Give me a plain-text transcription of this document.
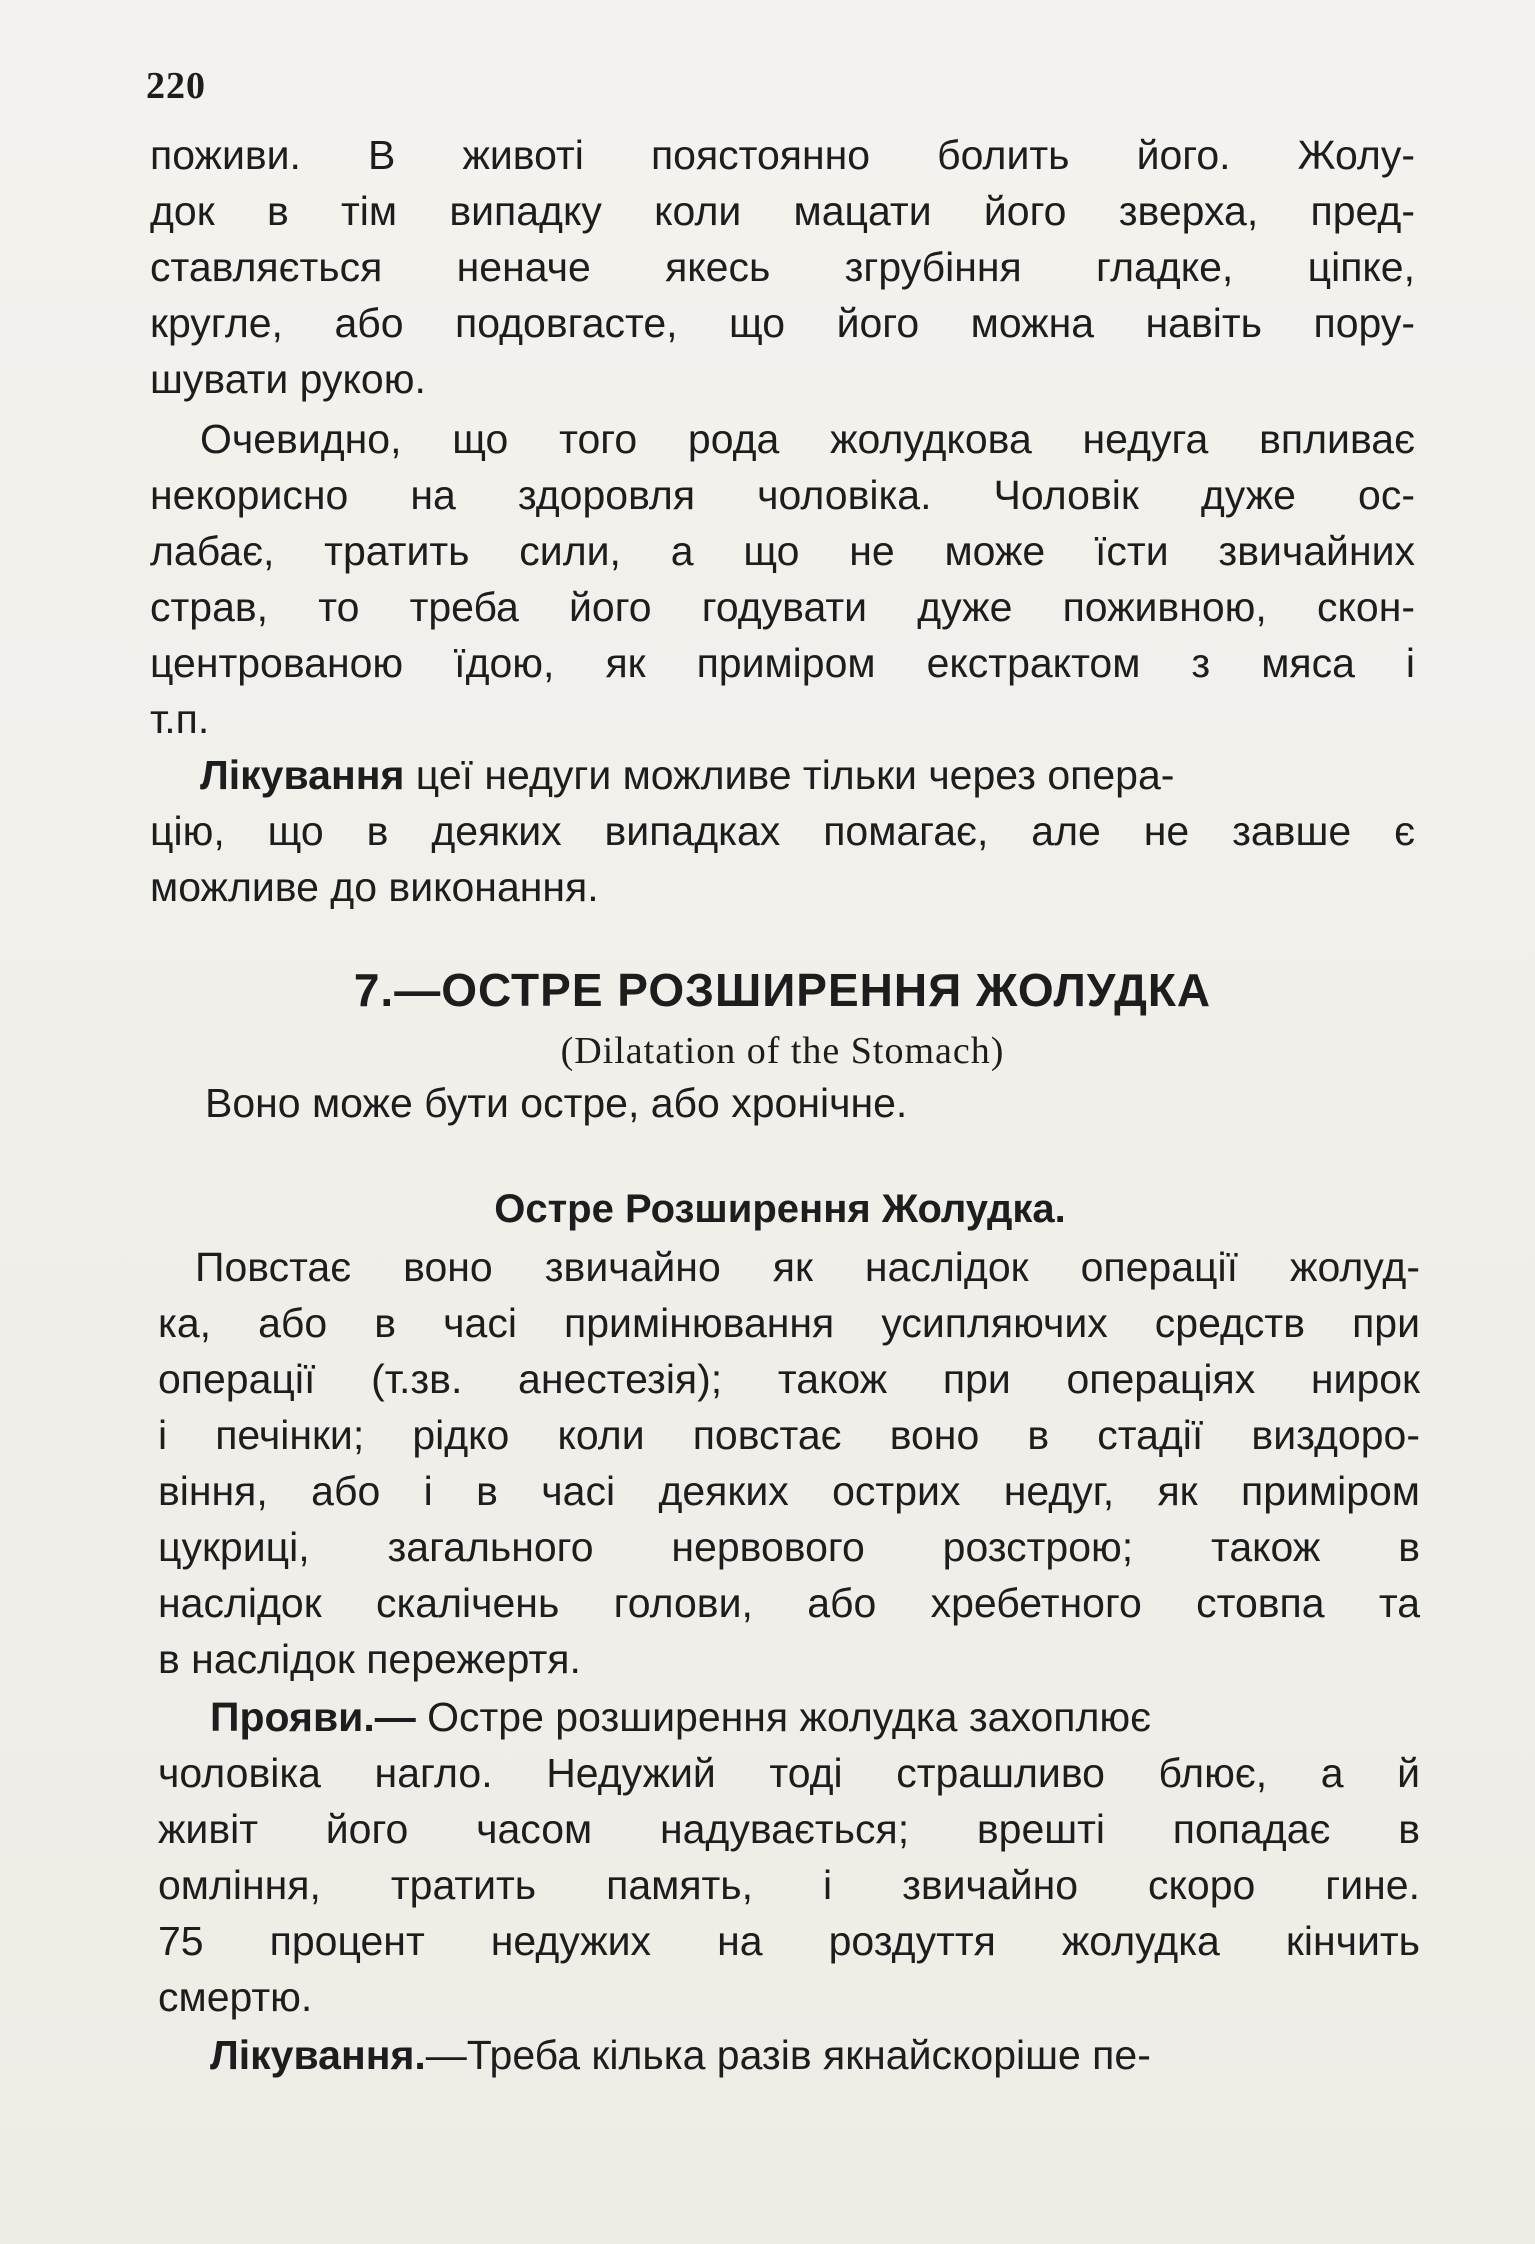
220
поживи. В животі поястоянно болить його. Жолу-
док в тім випадку коли мацати його зверха, пред-
ставляється неначе якесь згрубіння гладке, ціпке,
кругле, або подовгасте, що його можна навіть пору-
шувати рукою.
Очевидно, що того рода жолудкова недуга впливає
некорисно на здоровля чоловіка. Чоловік дуже ос-
лабає, тратить сили, а що не може їсти звичайних
страв, то треба його годувати дуже поживною, скон-
центрованою їдою, як приміром екстрактом з мяса і
т.п.
Лікування цеї недуги можливе тільки через опера-
цію, що в деяких випадках помагає, але не завше є
можливе до виконання.
7.—ОСТРЕ РОЗШИРЕННЯ ЖОЛУДКА
(Dilatation of the Stomach)
Воно може бути остре, або хронічне.
Остре Розширення Жолудка.
Повстає воно звичайно як наслідок операції жолуд-
ка, або в часі примінювання усипляючих средств при
операції (т.зв. анестезія); також при операціях нирок
і печінки; рідко коли повстає воно в стадії виздоро-
віння, або і в часі деяких острих недуг, як приміром
цукриці, загального нервового розстрою; також в
наслідок скалічень голови, або хребетного стовпа та
в наслідок пережертя.
Прояви.— Остре розширення жолудка захоплює
чоловіка нагло. Недужий тоді страшливо блює, а й
живіт його часом надувається; врешті попадає в
омління, тратить память, і звичайно скоро гине.
75 процент недужих на роздуття жолудка кінчить
смертю.
Лікування.—Треба кілька разів якнайскоріше пе-
